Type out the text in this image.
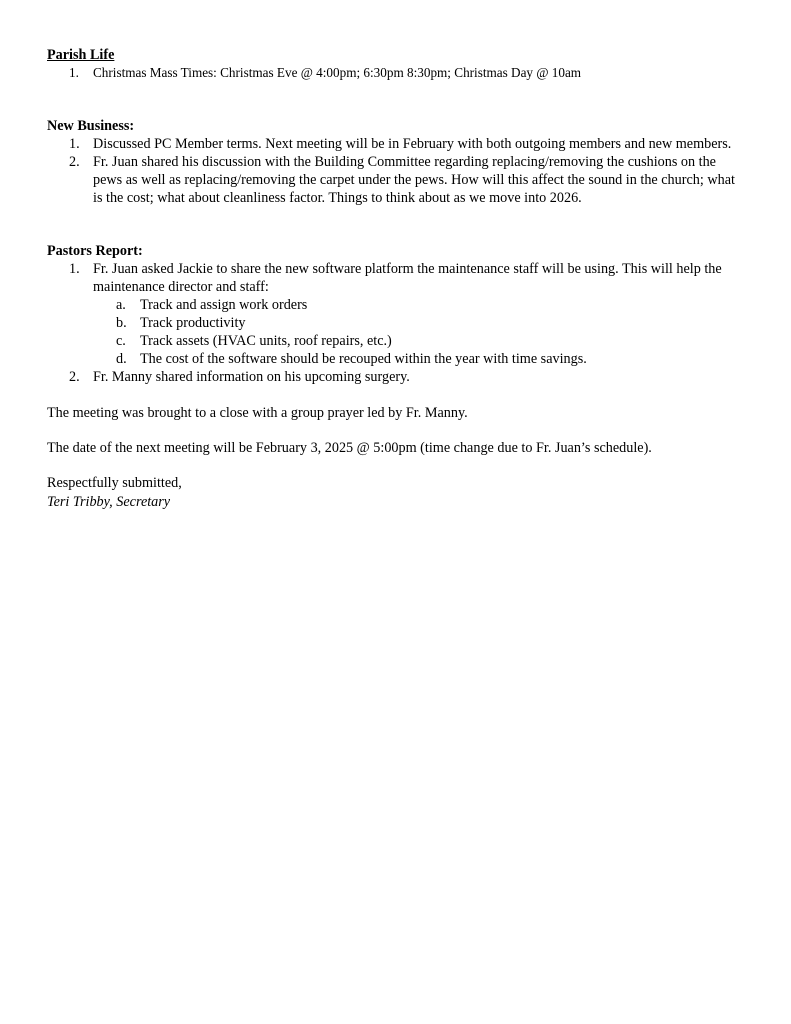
Parish Life

1. Christmas Mass Times: Christmas Eve @ 4:00pm; 6:30pm 8:30pm; Christmas Day @ 10am

New Business:

1. Discussed PC Member terms. Next meeting will be in February with both outgoing members and new members.
2. Fr. Juan shared his discussion with the Building Committee regarding replacing/removing the cushions on the pews as well as replacing/removing the carpet under the pews. How will this affect the sound in the church; what is the cost; what about cleanliness factor. Things to think about as we move into 2026.

Pastors Report:

1. Fr. Juan asked Jackie to share the new software platform the maintenance staff will be using. This will help the maintenance director and staff:
a. Track and assign work orders
b. Track productivity
c. Track assets (HVAC units, roof repairs, etc.)
d. The cost of the software should be recouped within the year with time savings.
2. Fr. Manny shared information on his upcoming surgery.

The meeting was brought to a close with a group prayer led by Fr. Manny.

The date of the next meeting will be February 3, 2025 @ 5:00pm (time change due to Fr. Juan’s schedule).

Respectfully submitted,

Teri Tribby, Secretary
